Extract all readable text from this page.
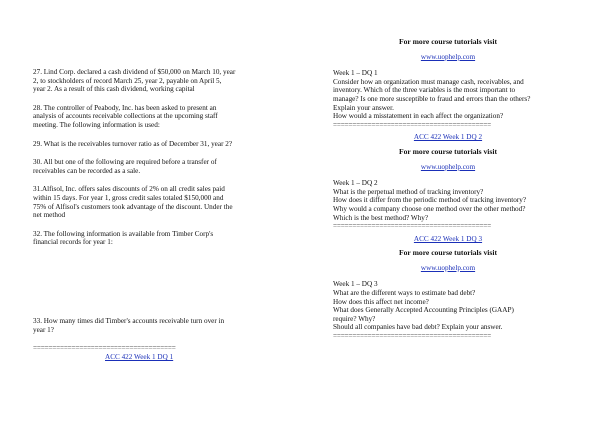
27. Lind Corp. declared a cash dividend of $50,000 on March 10, year
2, to stockholders of record March 25, year 2, payable on April 5,
year 2. As a result of this cash dividend, working capital
28. The controller of Peabody, Inc. has been asked to present an
analysis of accounts receivable collections at the upcoming staff
meeting. The following information is used:
29. What is the receivables turnover ratio as of December 31, year 2?
30. All but one of the following are required before a transfer of
receivables can be recorded as a sale.
31.Alfisol, Inc. offers sales discounts of 2% on all credit sales paid
within 15 days. For year 1, gross credit sales totaled $150,000 and
75% of Alfisol's customers took advantage of the discount. Under the
net method
32. The following information is available from Timber Corp's
financial records for year 1:
33. How many times did Timber's accounts receivable turn over in
year 1?
=====================================
ACC 422 Week 1 DQ 1
For more course tutorials visit
www.uophelp.com
Week 1 – DQ 1
Consider how an organization must manage cash, receivables, and
inventory. Which of the three variables is the most important to
manage? Is one more susceptible to fraud and errors than the others?
Explain your answer.
How would a misstatement in each affect the organization?
=========================================
ACC 422 Week 1 DQ 2
For more course tutorials visit
www.uophelp.com
Week 1 – DQ 2
What is the perpetual method of tracking inventory?
How does it differ from the periodic method of tracking inventory?
Why would a company choose one method over the other method?
Which is the best method? Why?
=========================================
ACC 422 Week 1 DQ 3
For more course tutorials visit
www.uophelp.com
Week 1 – DQ 3
What are the different ways to estimate bad debt?
How does this affect net income?
What does Generally Accepted Accounting Principles (GAAP)
require? Why?
Should all companies have bad debt? Explain your answer.
=========================================
